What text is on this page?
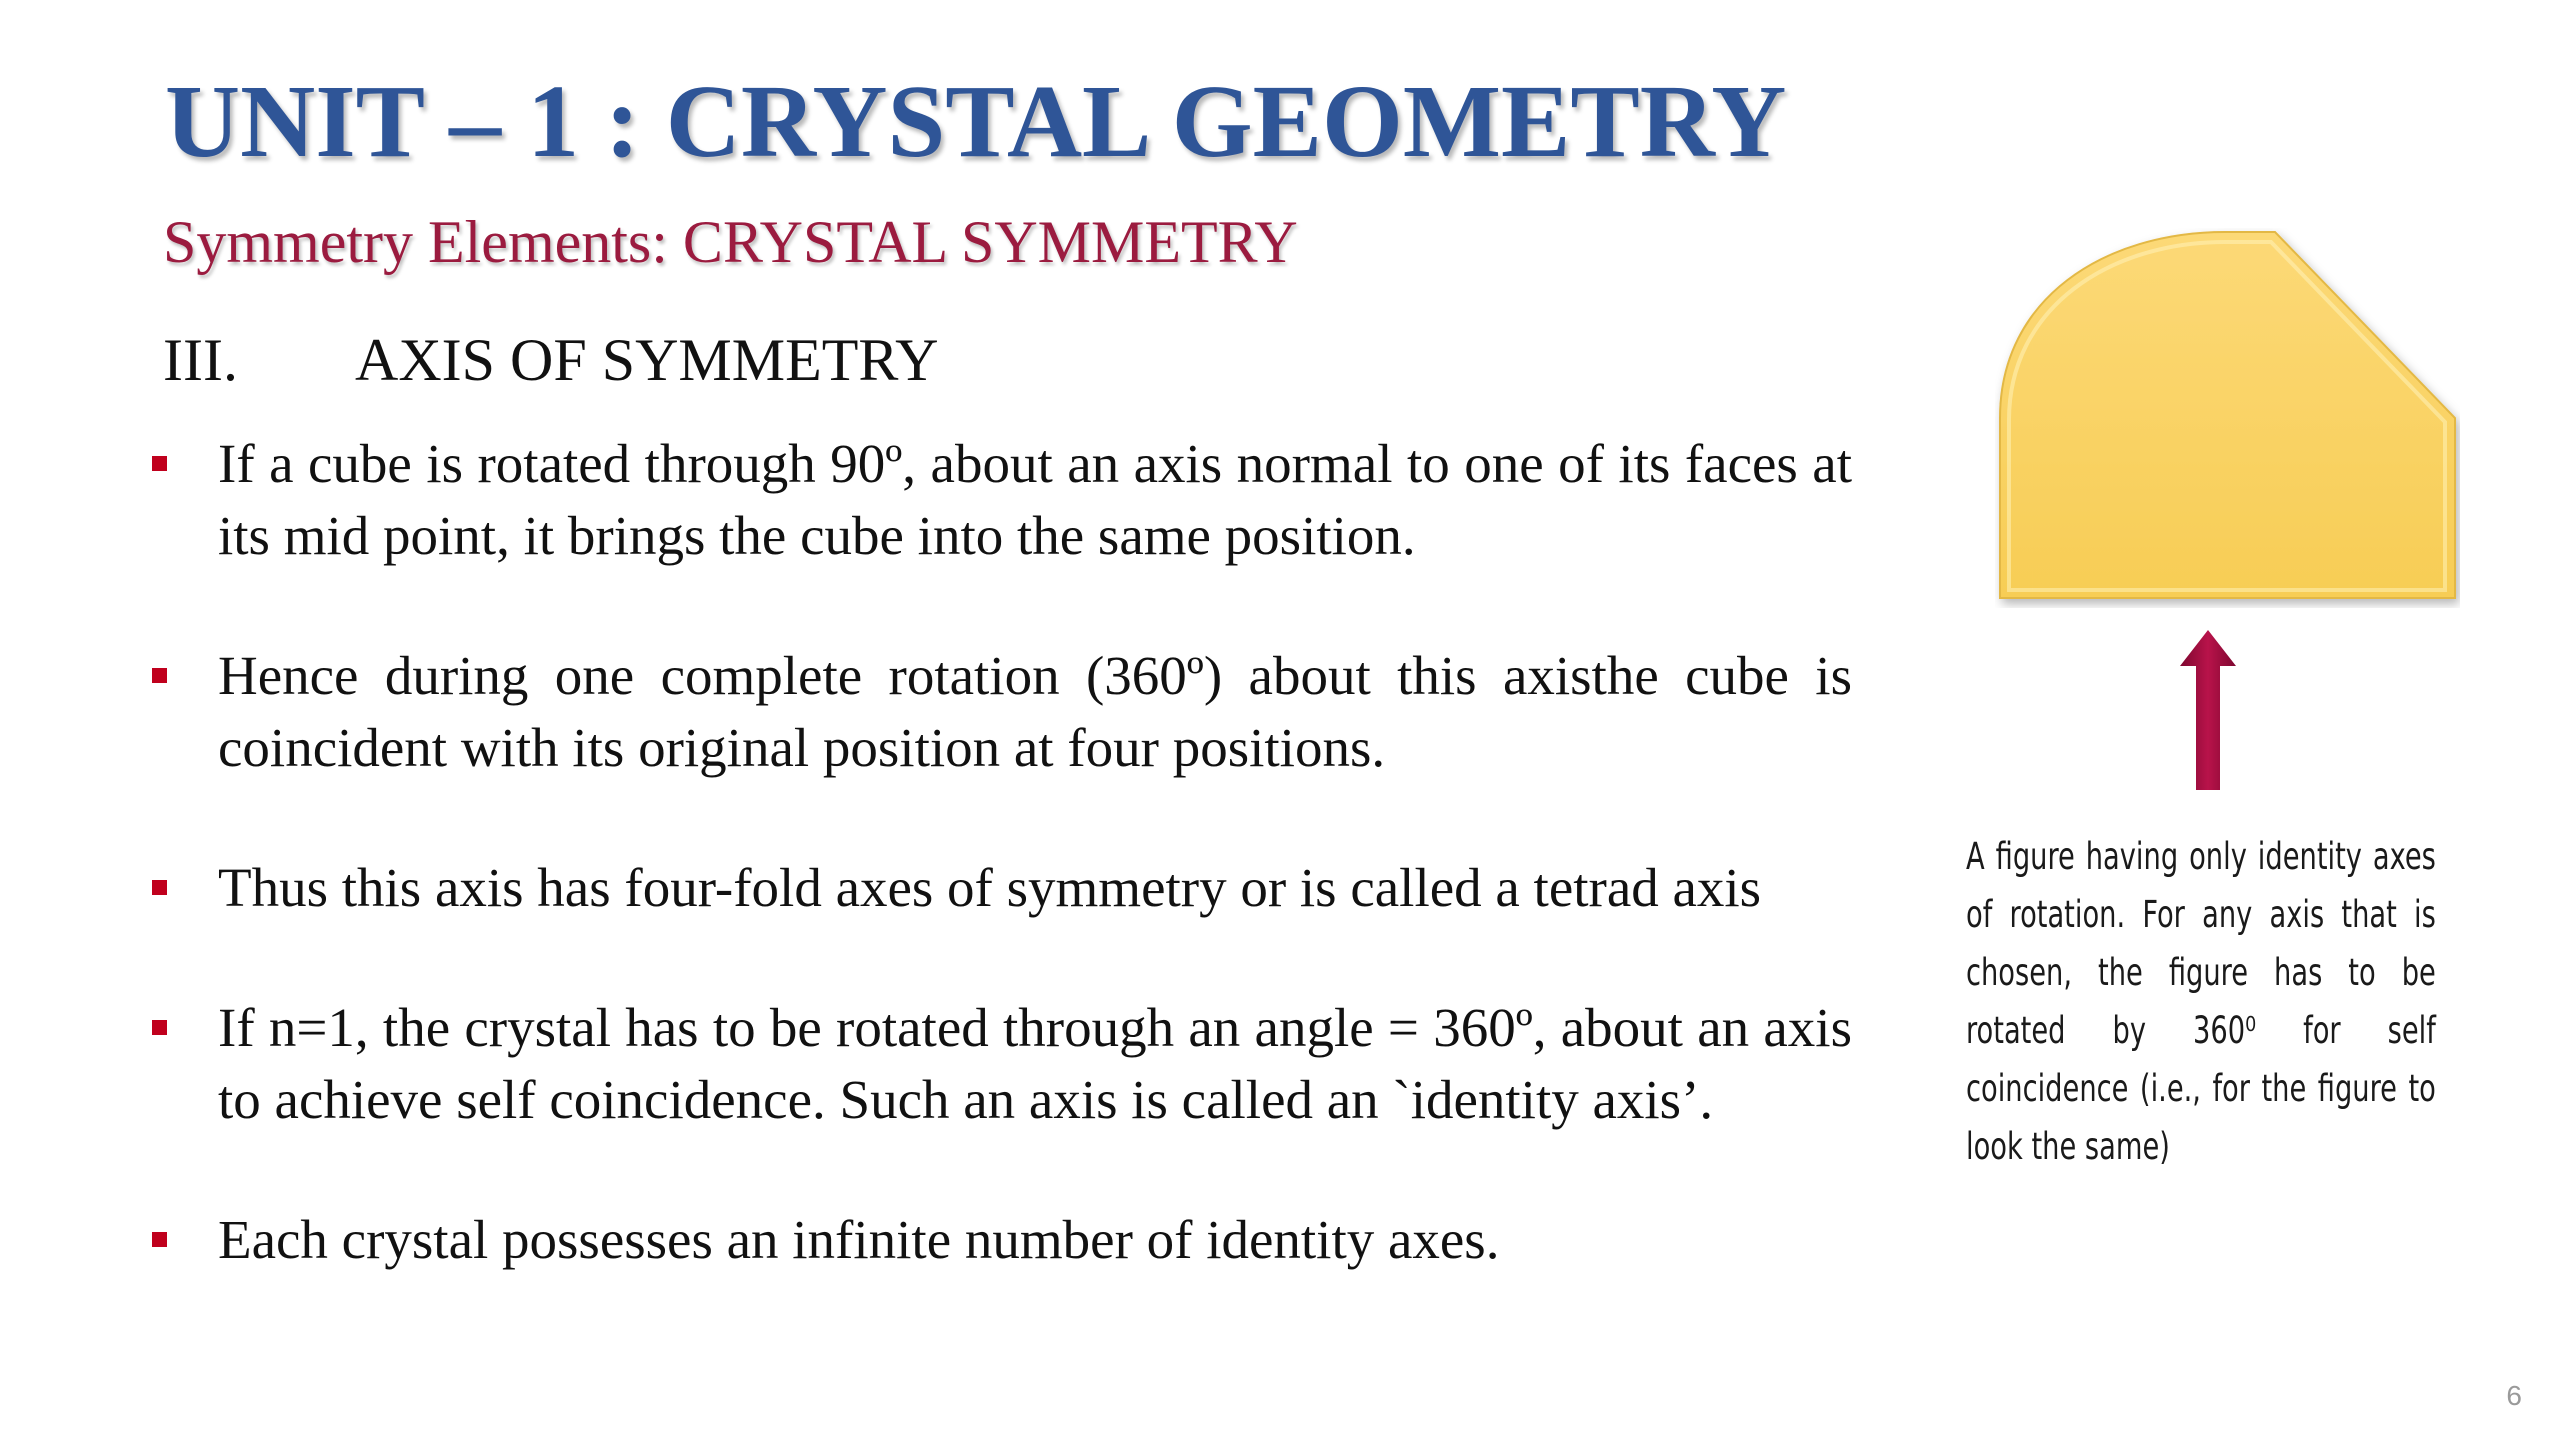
UNIT – 1 : CRYSTAL GEOMETRY
Symmetry Elements: CRYSTAL SYMMETRY
III. AXIS OF SYMMETRY
If a cube is rotated through 90º, about an axis normal to one of its faces at its mid point, it brings the cube into the same position.
Hence during one complete rotation (360º) about this axisthe cube is coincident with its original position at four positions.
Thus this axis has four-fold axes of symmetry or is called a tetrad axis
If n=1, the crystal has to be rotated through an angle = 360º, about an axis to achieve self coincidence. Such an axis is called an `identity axis’.
Each crystal possesses an infinite number of identity axes.
A figure having only identity axes of rotation. For any axis that is chosen, the figure has to be rotated by 360⁰ for self coincidence (i.e., for the figure to look the same)
6
